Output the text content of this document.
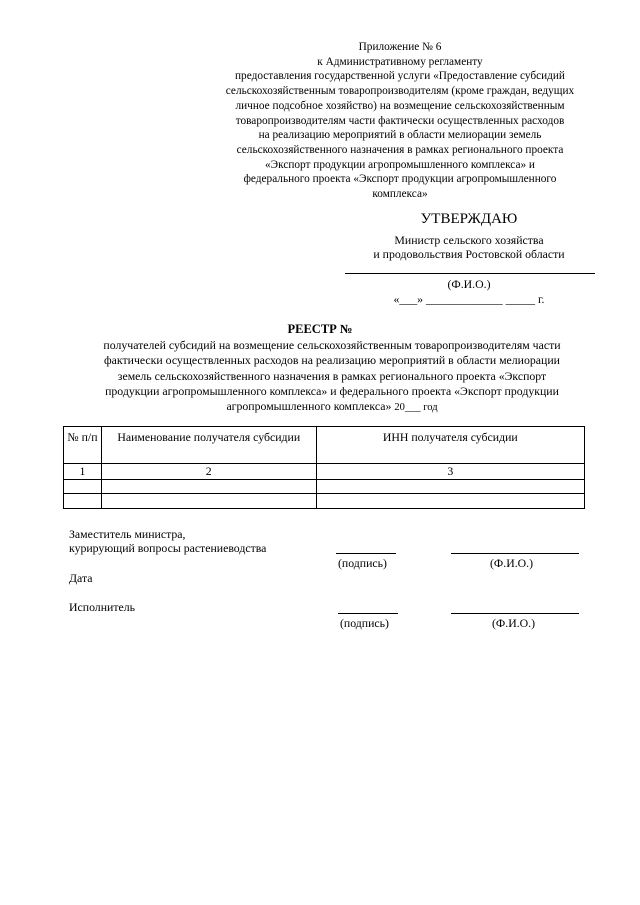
Приложение № 6
к Административному регламенту
предоставления государственной услуги «Предоставление субсидий
сельскохозяйственным товаропроизводителям (кроме граждан, ведущих
личное подсобное хозяйство) на возмещение сельскохозяйственным
товаропроизводителям части фактически осуществленных расходов
на реализацию мероприятий в области мелиорации земель
сельскохозяйственного назначения в рамках регионального проекта
«Экспорт продукции агропромышленного комплекса» и
федерального проекта «Экспорт продукции агропромышленного
комплекса»
УТВЕРЖДАЮ
Министр сельского хозяйства
и продовольствия Ростовской области
(Ф.И.О.)
«___» _____________ _____ г.
РЕЕСТР №
получателей субсидий на возмещение сельскохозяйственным товаропроизводителям части
фактически осуществленных расходов на реализацию мероприятий в области мелиорации
земель сельскохозяйственного назначения в рамках регионального проекта «Экспорт
продукции агропромышленного комплекса» и федерального проекта «Экспорт продукции
агропромышленного комплекса» 20___ год
№ п/п	Наименование получателя субсидии	ИНН получателя субсидии
1	2	3

Заместитель министра,
курирующий вопросы растениеводства
(подпись)	(Ф.И.О.)
Дата
Исполнитель
(подпись)	(Ф.И.О.)
